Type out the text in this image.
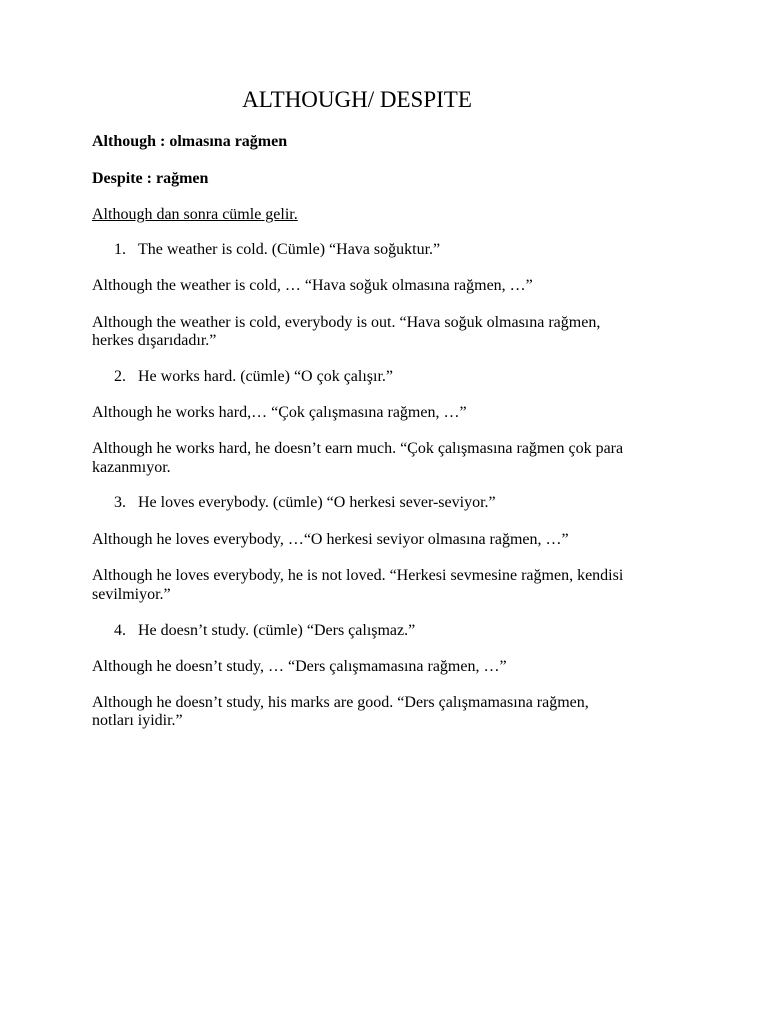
ALTHOUGH/ DESPITE
Although : olmasına rağmen
Despite : rağmen
Although dan sonra cümle gelir.
1. The weather is cold. (Cümle) “Hava soğuktur.”
Although the weather is cold, … “Hava soğuk olmasına rağmen, …”
Although the weather is cold, everybody is out. “Hava soğuk olmasına rağmen,
herkes dışarıdadır.”
2. He works hard. (cümle) “O çok çalışır.”
Although he works hard,… “Çok çalışmasına rağmen, …”
Although he works hard, he doesn’t earn much. “Çok çalışmasına rağmen çok para
kazanmıyor.
3. He loves everybody. (cümle) “O herkesi sever-seviyor.”
Although he loves everybody, …“O herkesi seviyor olmasına rağmen, …”
Although he loves everybody, he is not loved. “Herkesi sevmesine rağmen, kendisi
sevilmiyor.”
4. He doesn’t study. (cümle) “Ders çalışmaz.”
Although he doesn’t study, … “Ders çalışmamasına rağmen, …”
Although he doesn’t study, his marks are good. “Ders çalışmamasına rağmen,
notları iyidir.”
